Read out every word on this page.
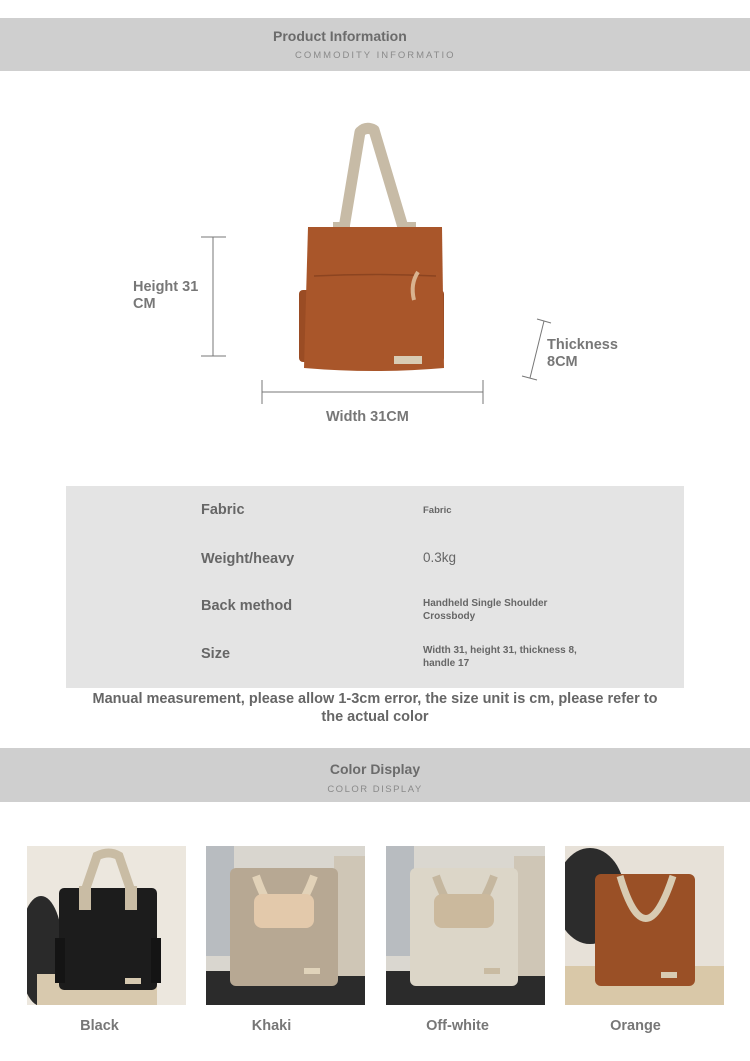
Product Information
COMMODITY INFORMATIO
Height 31 CM
Width 31CM
Thickness 8CM
Fabric	Fabric
Weight/heavy	0.3kg
Back method	Handheld Single Shoulder Crossbody
Size	Width 31, height 31, thickness 8, handle 17
Manual measurement, please allow 1-3cm error, the size unit is cm, please refer to the actual color
Color Display
COLOR DISPLAY
Black	Khaki	Off-white	Orange
